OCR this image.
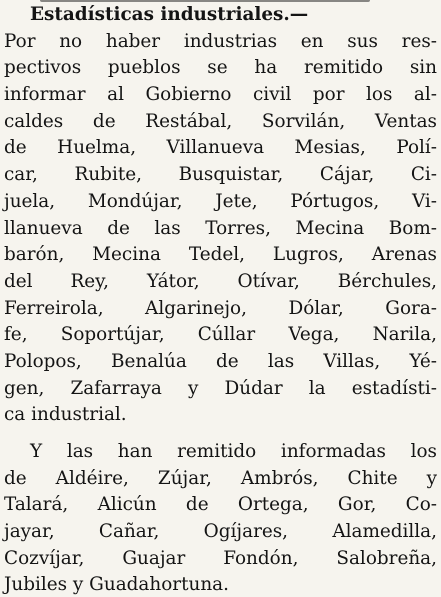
Estadísticas industriales.—
Por no haber industrias en sus res-
pectivos pueblos se ha remitido sin
informar al Gobierno civil por los al-
caldes de Restábal, Sorvilán, Ventas
de Huelma, Villanueva Mesias, Polí-
car, Rubite, Busquistar, Cájar, Ci-
juela, Mondújar, Jete, Pórtugos, Vi-
llanueva de las Torres, Mecina Bom-
barón, Mecina Tedel, Lugros, Arenas
del Rey, Yátor, Otívar, Bérchules,
Ferreirola, Algarinejo, Dólar, Gora-
fe, Soportújar, Cúllar Vega, Narila,
Polopos, Benalúa de las Villas, Yé-
gen, Zafarraya y Dúdar la estadísti-
ca industrial.
Y las han remitido informadas los
de Aldéire, Zújar, Ambrós, Chite y
Talará, Alicún de Ortega, Gor, Co-
jayar, Cañar, Ogíjares, Alamedilla,
Cozvíjar, Guajar Fondón, Salobreña,
Jubiles y Guadahortuna.
